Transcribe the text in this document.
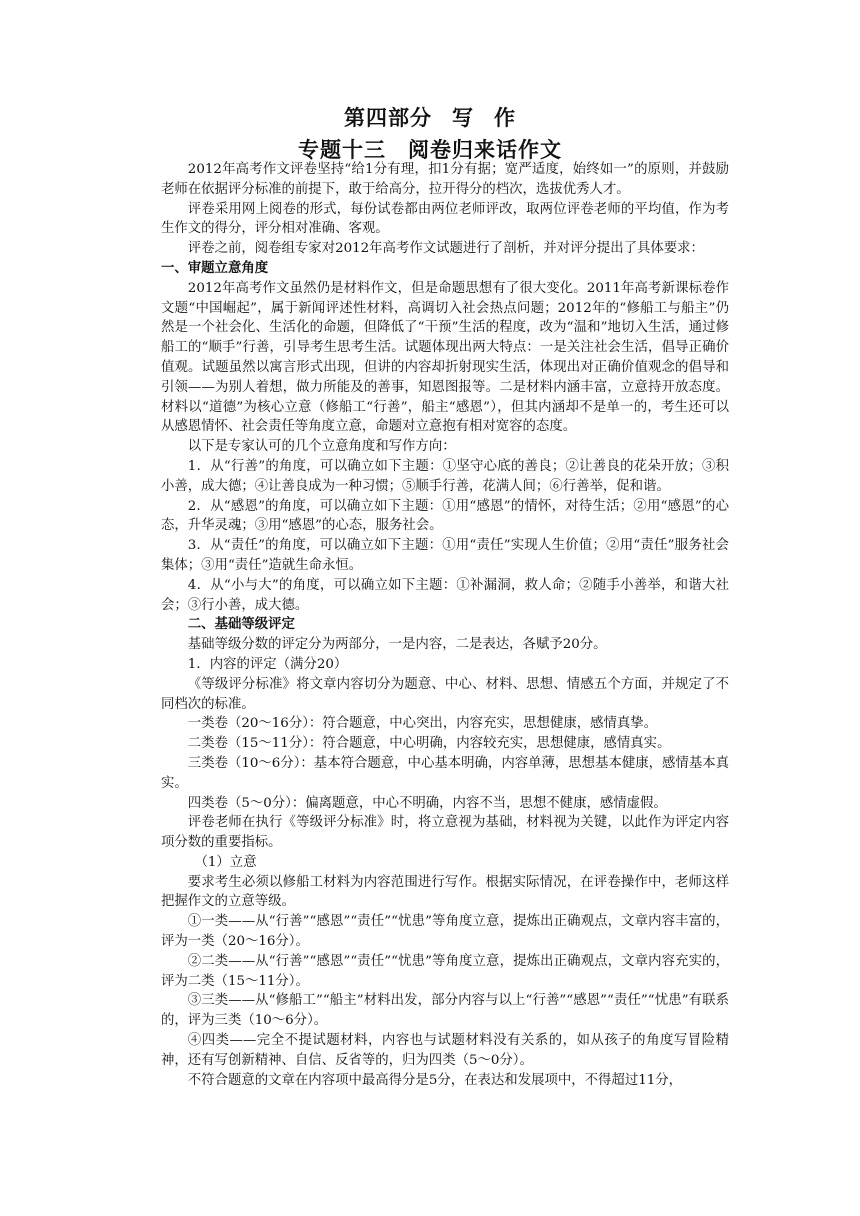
第四部分 写 作
专题十三　阅卷归来话作文

2012年高考作文评卷坚持“给1分有理，扣1分有据；宽严适度，始终如一”的原则，并鼓励老师在依据评分标准的前提下，敢于给高分，拉开得分的档次，选拔优秀人才。

评卷采用网上阅卷的形式，每份试卷都由两位老师评改，取两位评卷老师的平均值，作为考生作文的得分，评分相对准确、客观。

评卷之前，阅卷组专家对2012年高考作文试题进行了剖析，并对评分提出了具体要求：

一、审题立意角度

2012年高考作文虽然仍是材料作文，但是命题思想有了很大变化。2011年高考新课标卷作文题“中国崛起”，属于新闻评述性材料，高调切入社会热点问题；2012年的“修船工与船主”仍然是一个社会化、生活化的命题，但降低了“干预”生活的程度，改为“温和”地切入生活，通过修船工的“顺手”行善，引导考生思考生活。试题体现出两大特点：一是关注社会生活，倡导正确价值观。试题虽然以寓言形式出现，但讲的内容却折射现实生活，体现出对正确价值观念的倡导和引领——为别人着想，做力所能及的善事，知恩图报等。二是材料内涵丰富，立意持开放态度。材料以“道德”为核心立意（修船工“行善”，船主“感恩”），但其内涵却不是单一的，考生还可以从感恩情怀、社会责任等角度立意，命题对立意抱有相对宽容的态度。

以下是专家认可的几个立意角度和写作方向：

1．从“行善”的角度，可以确立如下主题：①坚守心底的善良；②让善良的花朵开放；③积小善，成大德；④让善良成为一种习惯；⑤顺手行善，花满人间；⑥行善举，促和谐。

2．从“感恩”的角度，可以确立如下主题：①用“感恩”的情怀，对待生活；②用“感恩”的心态，升华灵魂；③用“感恩”的心态，服务社会。

3．从“责任”的角度，可以确立如下主题：①用“责任”实现人生价值；②用“责任”服务社会集体；③用“责任”造就生命永恒。

4．从“小与大”的角度，可以确立如下主题：①补漏洞，救人命；②随手小善举，和谐大社会；③行小善，成大德。

二、基础等级评定

基础等级分数的评定分为两部分，一是内容，二是表达，各赋予20分。

1．内容的评定（满分20）

《等级评分标准》将文章内容切分为题意、中心、材料、思想、情感五个方面，并规定了不同档次的标准。

一类卷（20～16分）：符合题意，中心突出，内容充实，思想健康，感情真挚。

二类卷（15～11分）：符合题意，中心明确，内容较充实，思想健康，感情真实。

三类卷（10～6分）：基本符合题意，中心基本明确，内容单薄，思想基本健康，感情基本真实。

四类卷（5～0分）：偏离题意，中心不明确，内容不当，思想不健康，感情虚假。

评卷老师在执行《等级评分标准》时，将立意视为基础，材料视为关键，以此作为评定内容项分数的重要指标。

（1）立意

要求考生必须以修船工材料为内容范围进行写作。根据实际情况，在评卷操作中，老师这样把握作文的立意等级。

①一类——从“行善”“感恩”“责任”“忧患”等角度立意，提炼出正确观点，文章内容丰富的，评为一类（20～16分）。

②二类——从“行善”“感恩”“责任”“忧患”等角度立意，提炼出正确观点，文章内容充实的，评为二类（15～11分）。

③三类——从“修船工”“船主”材料出发，部分内容与以上“行善”“感恩”“责任”“忧患”有联系的，评为三类（10～6分）。

④四类——完全不提试题材料，内容也与试题材料没有关系的，如从孩子的角度写冒险精神，还有写创新精神、自信、反省等的，归为四类（5～0分）。

不符合题意的文章在内容项中最高得分是5分，在表达和发展项中，不得超过11分，
